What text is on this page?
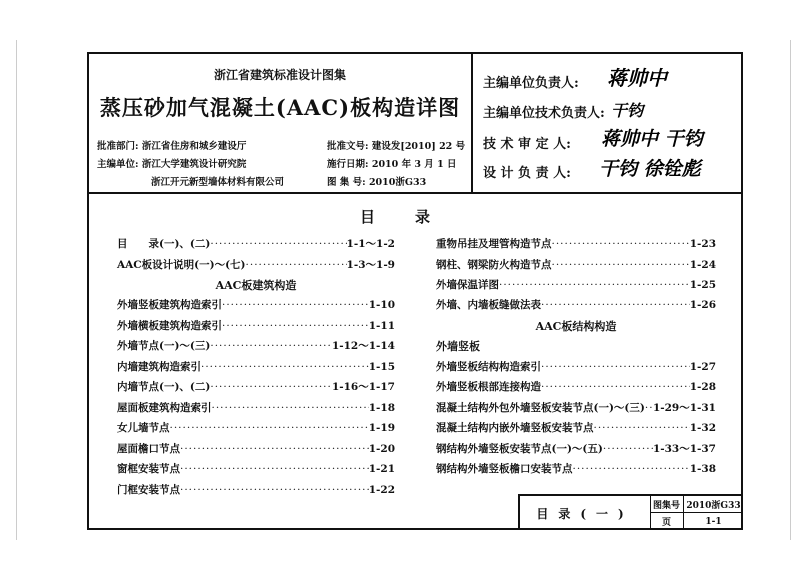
浙江省建筑标准设计图集
蒸压砂加气混凝土(AAC)板构造详图
批准部门: 浙江省住房和城乡建设厅
主编单位: 浙江大学建筑设计研究院
浙江开元新型墙体材料有限公司
批准文号: 建设发[2010] 22 号
施行日期: 2010 年 3 月 1 日
图 集 号: 2010浙G33
主编单位负责人: 蒋帅中
主编单位技术负责人: 干钧
技 术 审 定 人: 蒋帅中 干钧
设 计 负 责 人: 干钧 徐铨彪
目录
目　　录(一)、(二) ·····	1-1～1-2
AAC板设计说明(一)～(七) ·····	1-3～1-9
AAC板建筑构造
外墙竖板建筑构造索引 ·····	1-10
外墙横板建筑构造索引 ·····	1-11
外墙节点(一)～(三) ·····	1-12～1-14
内墙建筑构造索引 ·····	1-15
内墙节点(一)、(二) ·····	1-16～1-17
屋面板建筑构造索引 ·····	1-18
女儿墙节点 ·····	1-19
屋面檐口节点 ·····	1-20
窗框安装节点 ·····	1-21
门框安装节点 ·····	1-22
重物吊挂及埋管构造节点 ·····	1-23
钢柱、钢梁防火构造节点 ·····	1-24
外墙保温详图 ·····	1-25
外墙、内墙板缝做法表 ·····	1-26
AAC板结构构造
外墙竖板
外墙竖板结构构造索引 ·····	1-27
外墙竖板根部连接构造 ·····	1-28
混凝土结构外包外墙竖板安装节点(一)～(三) ····· 1-29～1-31
混凝土结构内嵌外墙竖板安装节点 ·····	1-32
钢结构外墙竖板安装节点(一)～(五) ·····	1-33～1-37
钢结构外墙竖板檐口安装节点 ·····	1-38
目录(一)
图集号 2010浙G33
页	1-1
